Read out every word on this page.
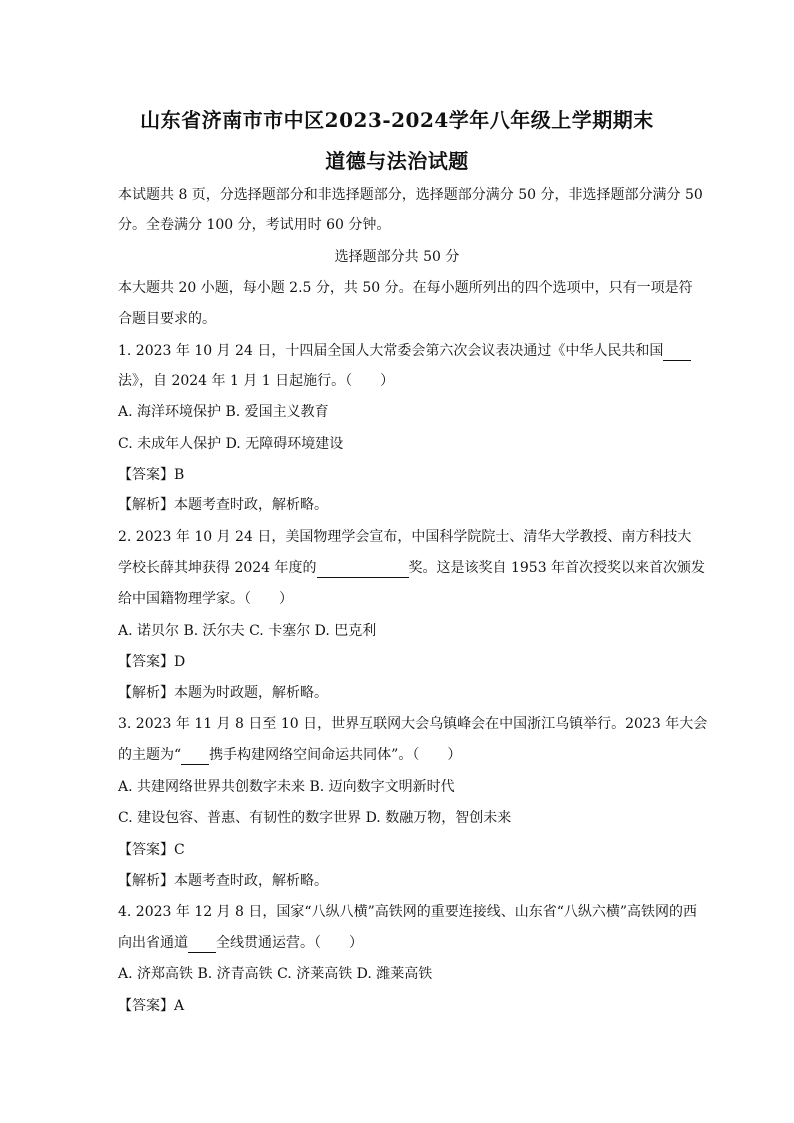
山东省济南市市中区2023-2024学年八年级上学期期末
道德与法治试题
本试题共 8 页，分选择题部分和非选择题部分，选择题部分满分 50 分，非选择题部分满分 50
分。全卷满分 100 分，考试用时 60 分钟。
选择题部分共 50 分
本大题共 20 小题，每小题 2.5 分，共 50 分。在每小题所列出的四个选项中，只有一项是符
合题目要求的。
1. 2023 年 10 月 24 日，十四届全国人大常委会第六次会议表决通过《中华人民共和国
法》，自 2024 年 1 月 1 日起施行。（　　）
A. 海洋环境保护 B. 爱国主义教育
C. 未成年人保护 D. 无障碍环境建设
【答案】B
【解析】本题考查时政，解析略。
2. 2023 年 10 月 24 日，美国物理学会宣布，中国科学院院士、清华大学教授、南方科技大
学校长薛其坤获得 2024 年度的	奖。这是该奖自 1953 年首次授奖以来首次颁发
给中国籍物理学家。（　　）
A. 诺贝尔 B. 沃尔夫 C. 卡塞尔 D. 巴克利
【答案】D
【解析】本题为时政题，解析略。
3. 2023 年 11 月 8 日至 10 日，世界互联网大会乌镇峰会在中国浙江乌镇举行。2023 年大会
的主题为“ 携手构建网络空间命运共同体”。（　　）
A. 共建网络世界共创数字未来 B. 迈向数字文明新时代
C. 建设包容、普惠、有韧性的数字世界 D. 数融万物，智创未来
【答案】C
【解析】本题考查时政，解析略。
4. 2023 年 12 月 8 日，国家“八纵八横”高铁网的重要连接线、山东省“八纵六横”高铁网的西
向出省通道 全线贯通运营。（　　）
A. 济郑高铁 B. 济青高铁 C. 济莱高铁 D. 潍莱高铁
【答案】A
